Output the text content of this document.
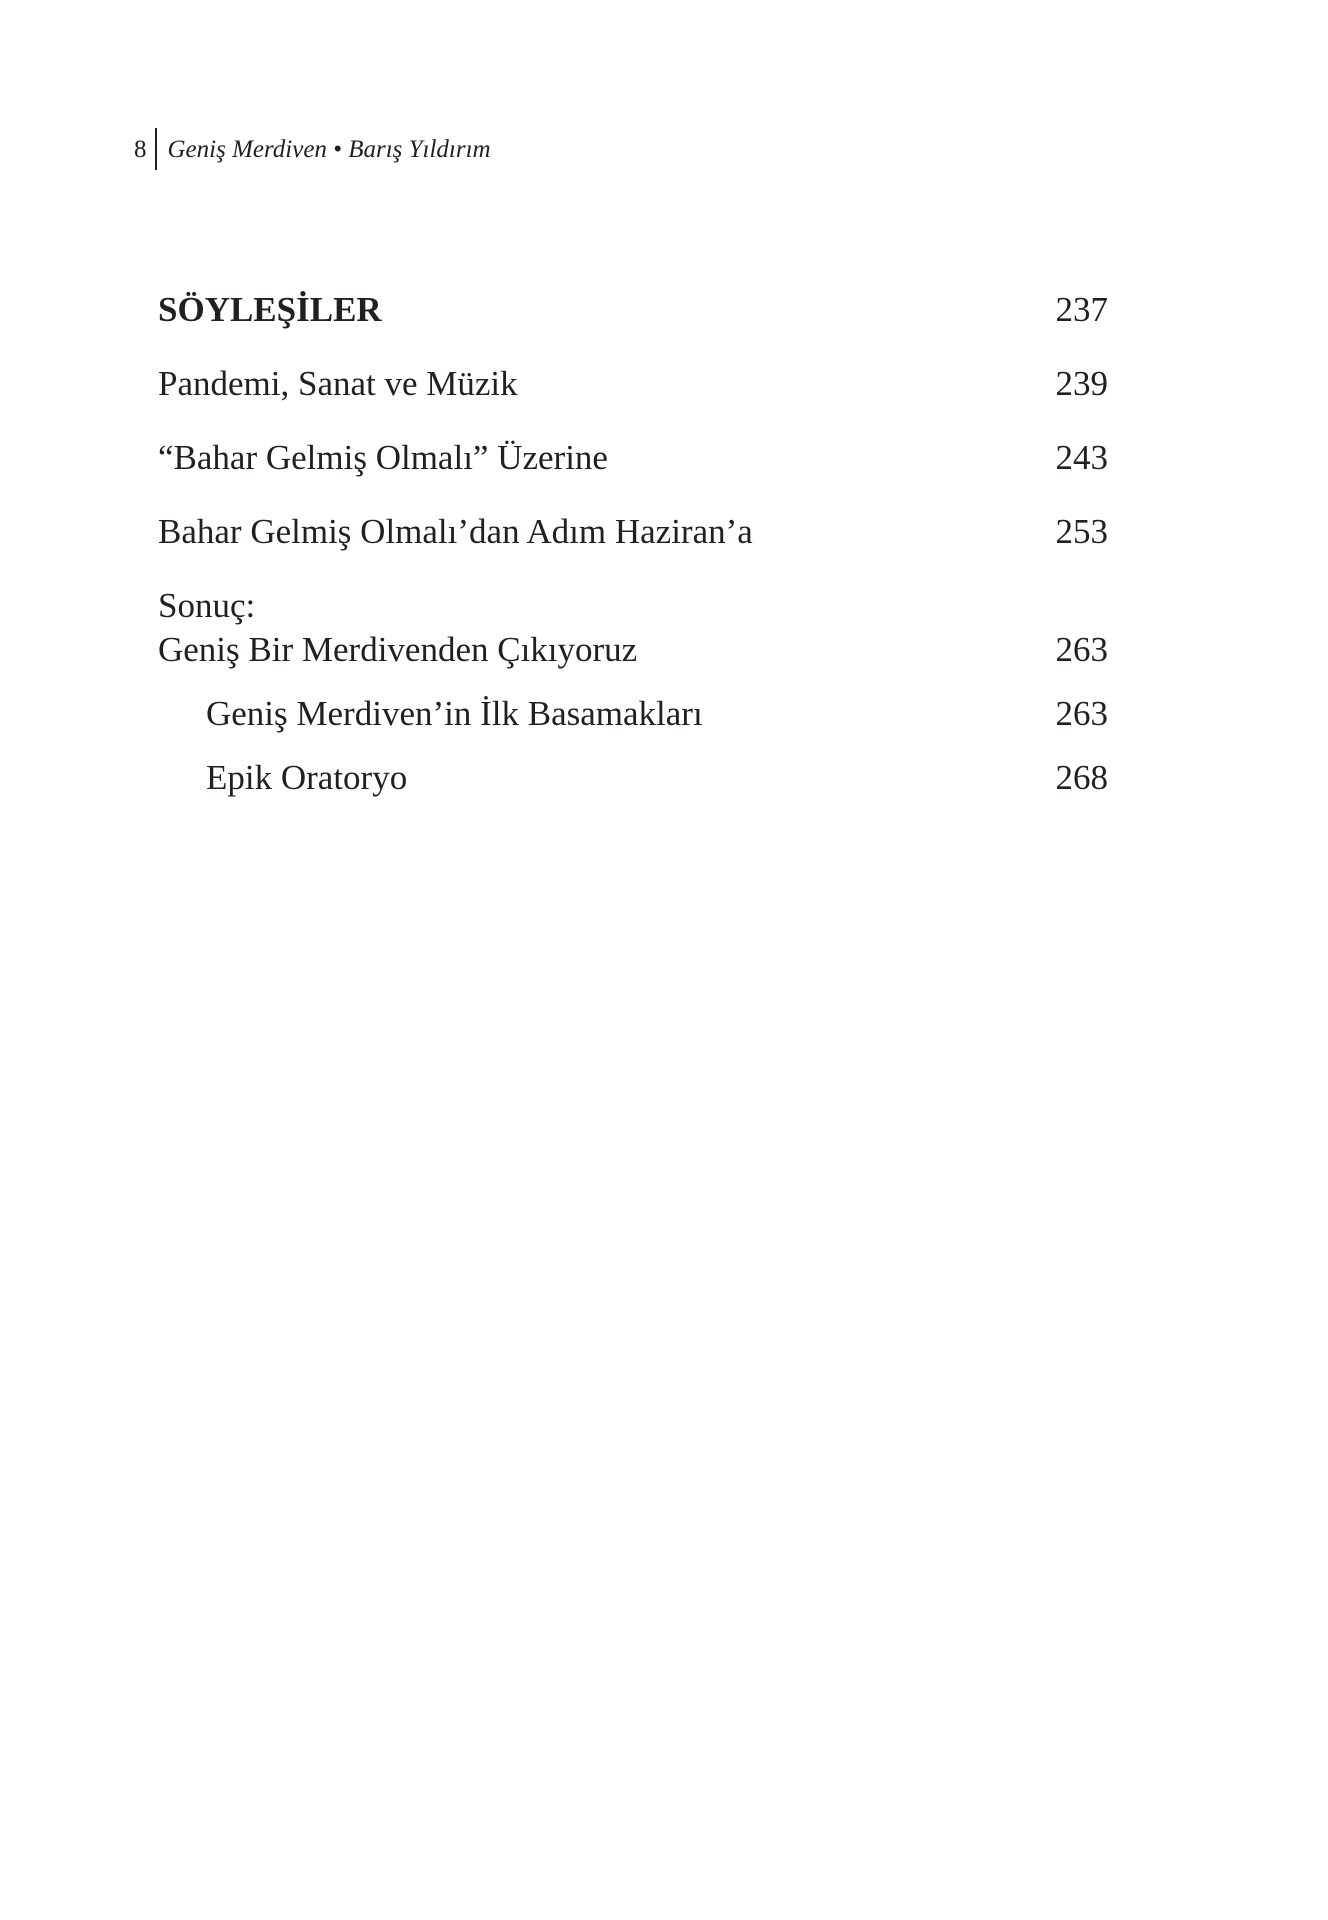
8 Geniş Merdiven • Barış Yıldırım
SÖYLEŞİLER	237
Pandemi, Sanat ve Müzik	239
“Bahar Gelmiş Olmalı” Üzerine	243
Bahar Gelmiş Olmalı’dan Adım Haziran’a	253
Sonuç:
Geniş Bir Merdivenden Çıkıyoruz	263
Geniş Merdiven’in İlk Basamakları	263
Epik Oratoryo	268
